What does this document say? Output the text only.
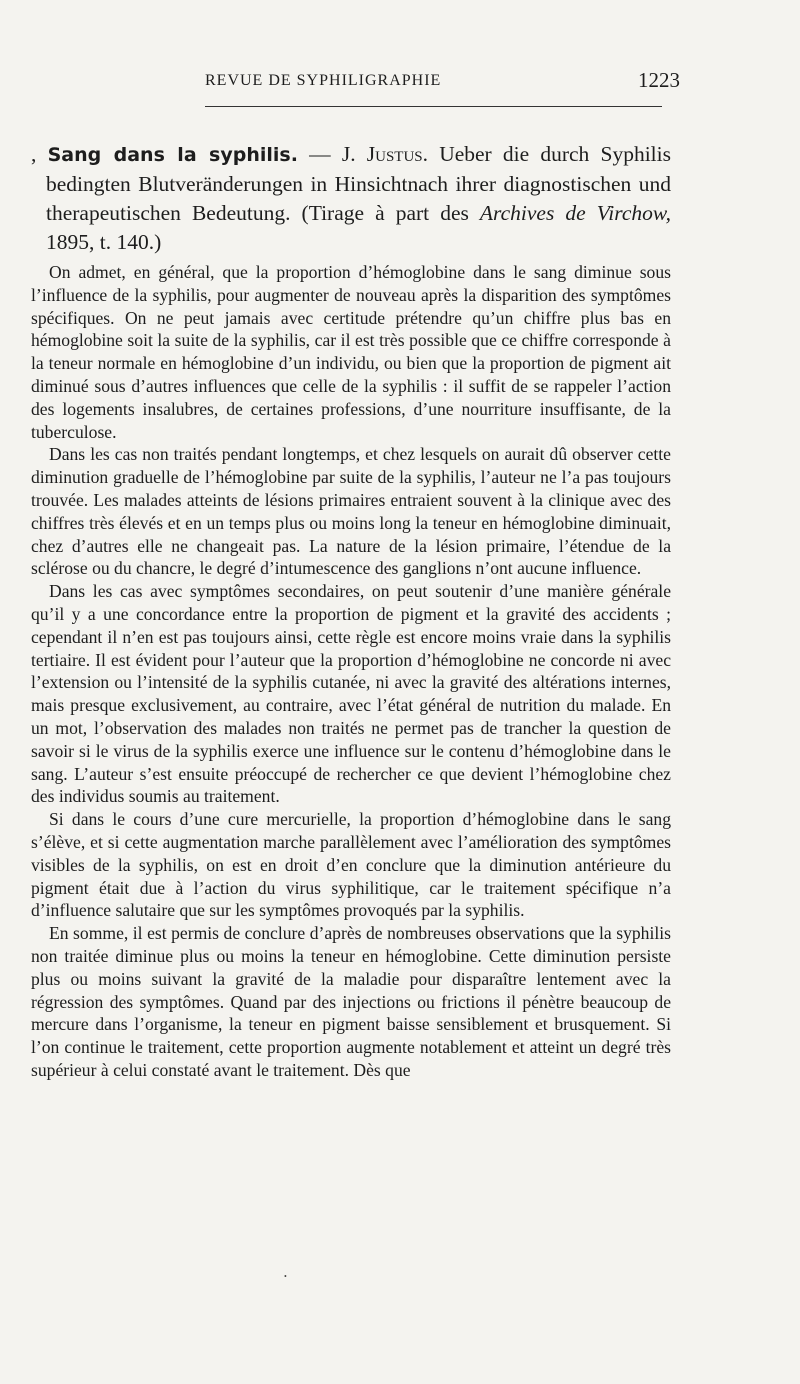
REVUE DE SYPHILIGRAPHIE	1223

, Sang dans la syphilis. — J. Justus. Ueber die durch Syphilis bedingten Blutveränderungen in Hinsichtnach ihrer diagnostischen und therapeutischen Bedeutung. (Tirage à part des Archives de Virchow, 1895, t. 140.)

On admet, en général, que la proportion d’hémoglobine dans le sang diminue sous l’influence de la syphilis, pour augmenter de nouveau après la disparition des symptômes spécifiques. On ne peut jamais avec certitude prétendre qu’un chiffre plus bas en hémoglobine soit la suite de la syphilis, car il est très possible que ce chiffre corresponde à la teneur normale en hémoglobine d’un individu, ou bien que la proportion de pigment ait diminué sous d’autres influences que celle de la syphilis : il suffit de se rappeler l’action des logements insalubres, de certaines professions, d’une nourriture insuffisante, de la tuberculose.

Dans les cas non traités pendant longtemps, et chez lesquels on aurait dû observer cette diminution graduelle de l’hémoglobine par suite de la syphilis, l’auteur ne l’a pas toujours trouvée. Les malades atteints de lésions primaires entraient souvent à la clinique avec des chiffres très élevés et en un temps plus ou moins long la teneur en hémoglobine diminuait, chez d’autres elle ne changeait pas. La nature de la lésion primaire, l’étendue de la sclérose ou du chancre, le degré d’intumescence des ganglions n’ont aucune influence.

Dans les cas avec symptômes secondaires, on peut soutenir d’une manière générale qu’il y a une concordance entre la proportion de pigment et la gravité des accidents ; cependant il n’en est pas toujours ainsi, cette règle est encore moins vraie dans la syphilis tertiaire. Il est évident pour l’auteur que la proportion d’hémoglobine ne concorde ni avec l’extension ou l’intensité de la syphilis cutanée, ni avec la gravité des altérations internes, mais presque exclusivement, au contraire, avec l’état général de nutrition du malade. En un mot, l’observation des malades non traités ne permet pas de trancher la question de savoir si le virus de la syphilis exerce une influence sur le contenu d’hémoglobine dans le sang. L’auteur s’est ensuite préoccupé de rechercher ce que devient l’hémoglobine chez des individus soumis au traitement.

Si dans le cours d’une cure mercurielle, la proportion d’hémoglobine dans le sang s’élève, et si cette augmentation marche parallèlement avec l’amélioration des symptômes visibles de la syphilis, on est en droit d’en conclure que la diminution antérieure du pigment était due à l’action du virus syphilitique, car le traitement spécifique n’a d’influence salutaire que sur les symptômes provoqués par la syphilis.

En somme, il est permis de conclure d’après de nombreuses observations que la syphilis non traitée diminue plus ou moins la teneur en hémoglobine. Cette diminution persiste plus ou moins suivant la gravité de la maladie pour disparaître lentement avec la régression des symptômes. Quand par des injections ou frictions il pénètre beaucoup de mercure dans l’organisme, la teneur en pigment baisse sensiblement et brusquement. Si l’on continue le traitement, cette proportion augmente notablement et atteint un degré très supérieur à celui constaté avant le traitement. Dès que

•
